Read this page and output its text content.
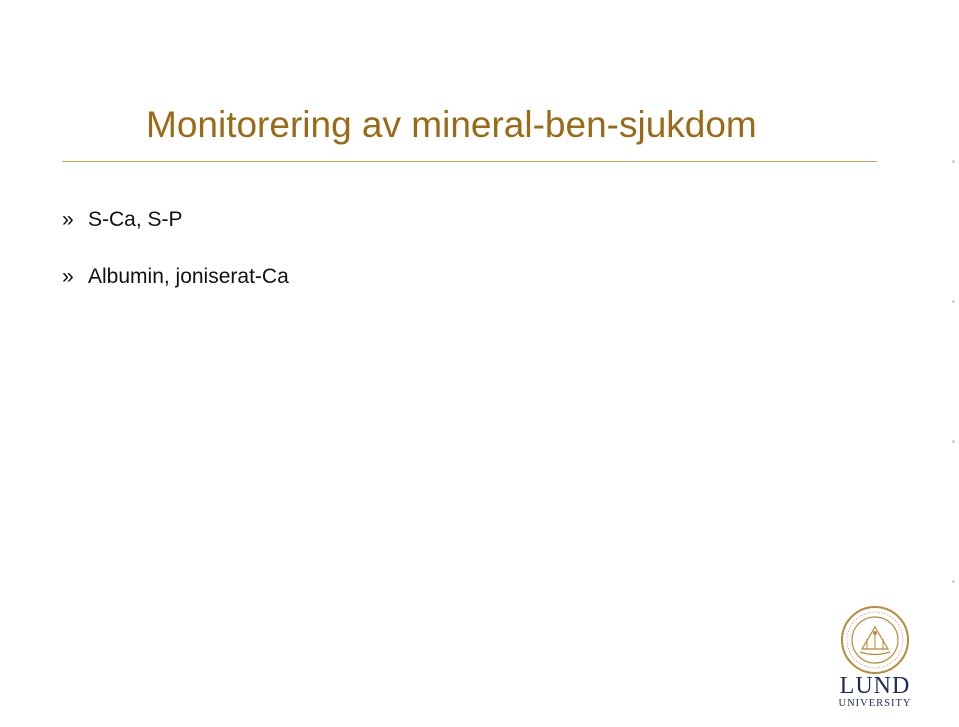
Monitorering av mineral-ben-sjukdom
» S-Ca, S-P
» Albumin, joniserat-Ca
LUND
UNIVERSITY
